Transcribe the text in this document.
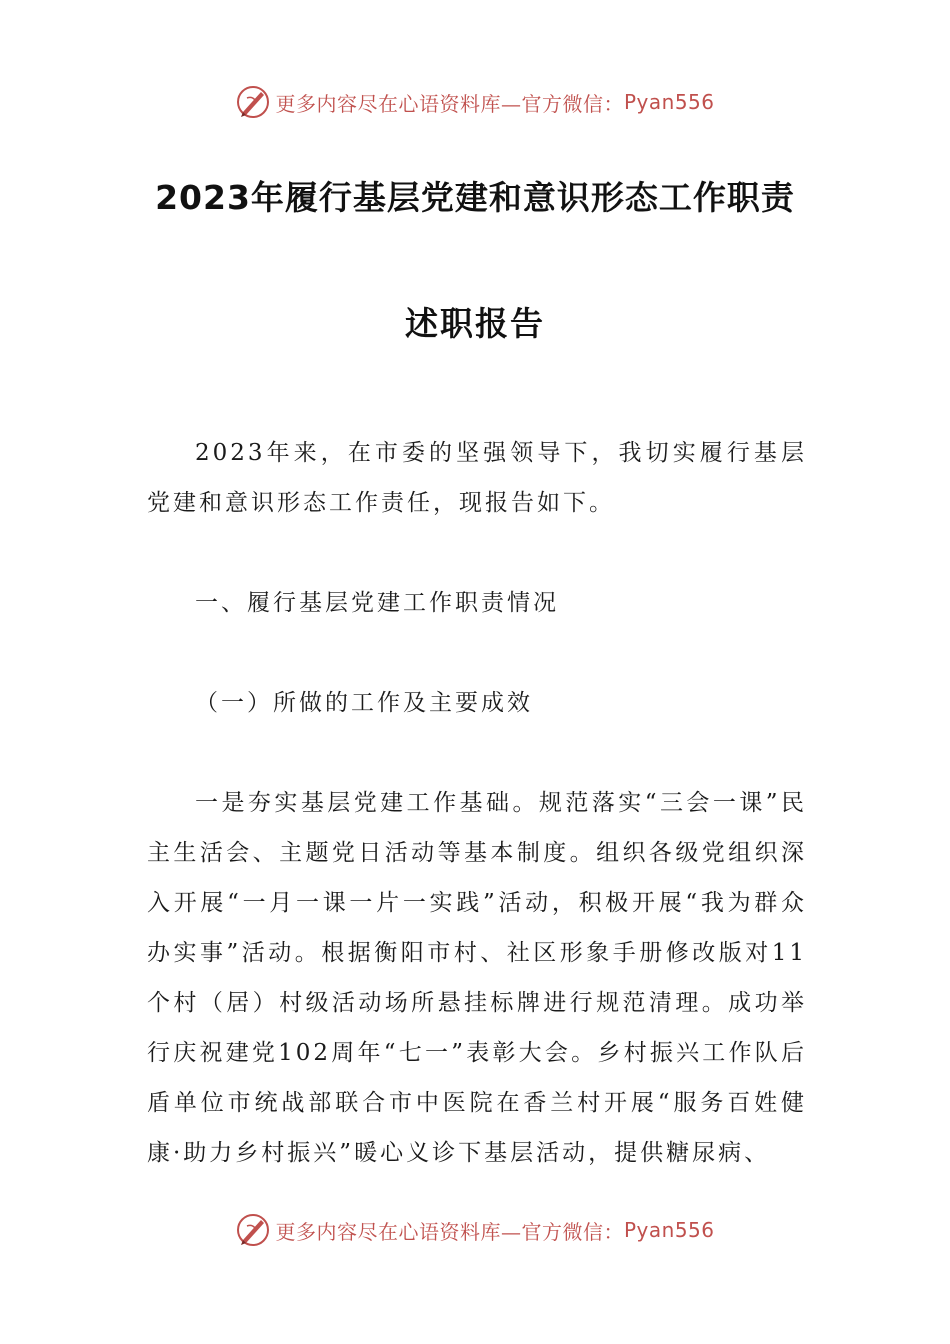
更多内容尽在心语资料库—官方微信： Pyan556
2023年履行基层党建和意识形态工作职责
述职报告

2023年来，在市委的坚强领导下，我切实履行基层党建和意识形态工作责任，现报告如下。

一、履行基层党建工作职责情况

（一）所做的工作及主要成效

一是夯实基层党建工作基础。规范落实“三会一课”民主生活会、主题党日活动等基本制度。组织各级党组织深入开展“一月一课一片一实践”活动，积极开展“我为群众办实事”活动。根据衡阳市村、社区形象手册修改版对11个村（居）村级活动场所悬挂标牌进行规范清理。成功举行庆祝建党102周年“七一”表彰大会。乡村振兴工作队后盾单位市统战部联合市中医院在香兰村开展“服务百姓健康·助力乡村振兴”暖心义诊下基层活动，提供糖尿病、

更多内容尽在心语资料库—官方微信： Pyan556
